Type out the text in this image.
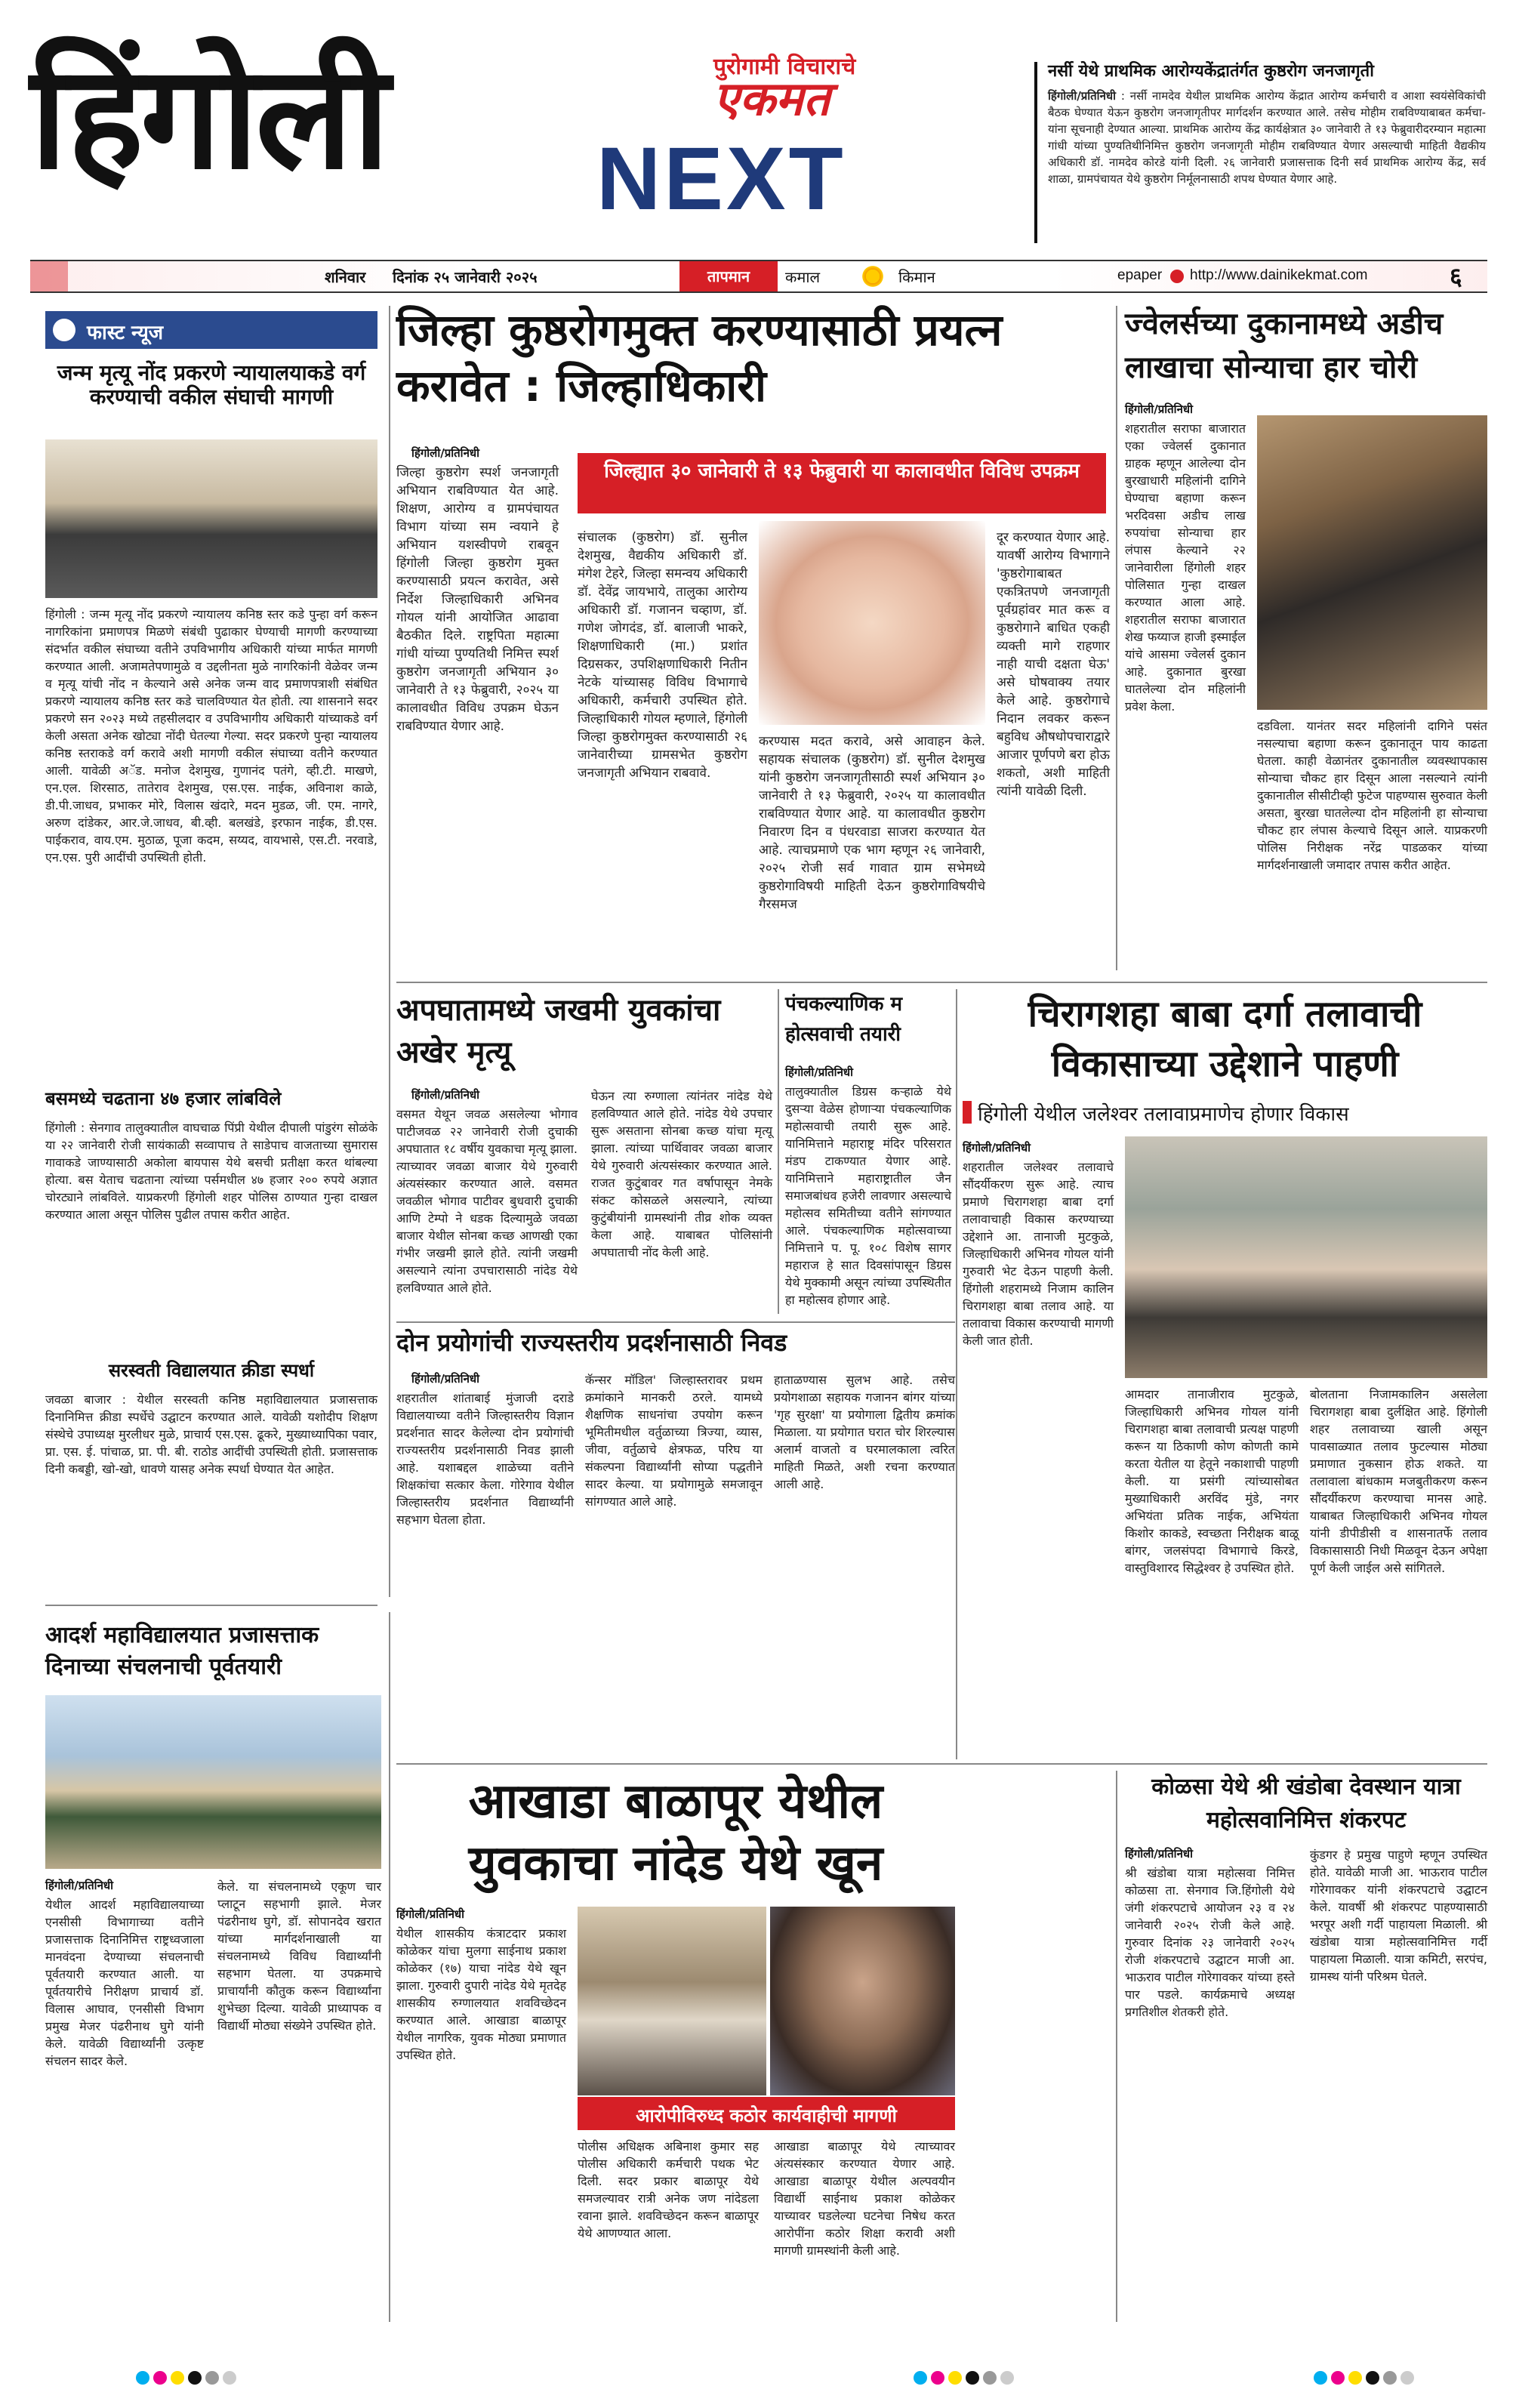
हिंगोली	पुरोगामी विचाराचे
एकमत
NEXT
नर्सी येथे प्राथमिक आरोग्यकेंद्रातंर्गत कुष्ठरोग जनजागृती
हिंगोली/प्रतिनिधी : नर्सी नामदेव येथील प्राथमिक आरोग्य केंद्रात आरोग्य कर्मचारी व आशा स्वयंसेविकांची बैठक घेण्यात येऊन कुष्ठरोग जनजागृतीपर मार्गदर्शन करण्यात आले. तसेच मोहीम राबविण्याबाबत कर्मचा-यांना सूचनाही देण्यात आल्या. प्राथमिक आरोग्य केंद्र कार्यक्षेत्रात ३० जानेवारी ते १३ फेब्रुवारीदरम्यान महात्मा गांधी यांच्या पुण्यतिथीनिमित्त कुष्ठरोग जनजागृती मोहीम राबविण्यात येणार असल्याची माहिती वैद्यकीय अधिकारी डॉ. नामदेव कोरडे यांनी दिली. २६ जानेवारी प्रजासत्ताक दिनी सर्व प्राथमिक आरोग्य केंद्र, सर्व शाळा, ग्रामपंचायत येथे कुष्ठरोग निर्मूलनासाठी शपथ घेण्यात येणार आहे.
शनिवार दिनांक २५ जानेवारी २०२५	तापमान	कमाल	किमान	epaper http://www.dainikekmat.com	६
फास्ट न्यूज
जन्म मृत्यू नोंद प्रकरणे न्यायालयाकडे वर्ग करण्याची वकील संघाची मागणी
हिंगोली : जन्म मृत्यू नोंद प्रकरणे न्यायालय कनिष्ठ स्तर कडे पुन्हा वर्ग करून नागरिकांना प्रमाणपत्र मिळणे संबंधी पुढाकार घेण्याची मागणी करण्याच्या संदर्भात वकील संघाच्या वतीने उपविभागीय अधिकारी यांच्या मार्फत मागणी करण्यात आली. अजामतेपणामुळे व उद्दलीनता मुळे नागरिकांनी वेळेवर जन्म व मृत्यू यांची नोंद न केल्याने असे अनेक जन्म वाद प्रमाणपत्राशी संबंधित प्रकरणे न्यायालय कनिष्ठ स्तर कडे चालविण्यात येत होती. त्या शासनाने सदर प्रकरणे सन २०२३ मध्ये तहसीलदार व उपविभागीय अधिकारी यांच्याकडे वर्ग केली असता अनेक खोट्या नोंदी घेतल्या गेल्या. सदर प्रकरणे पुन्हा न्यायालय कनिष्ठ स्तराकडे वर्ग करावे अशी मागणी वकील संघाच्या वतीने करण्यात आली. यावेळी अॅड. मनोज देशमुख, गुणानंद पतंगे, व्ही.टी. माखणे, एन.एल. शिरसाठ, तातेराव देशमुख, एस.एस. नाईक, अविनाश काळे, डी.पी.जाधव, प्रभाकर मोरे, विलास खंदारे, मदन मुडळ, जी. एम. नागरे, अरुण दांडेकर, आर.जे.जाधव, बी.व्ही. बलखंडे, इरफान नाईक, डी.एस. पाईकराव, वाय.एम. मुठाळ, पूजा कदम, सय्यद, वायभासे, एस.टी. नरवाडे, एन.एस. पुरी आदींची उपस्थिती होती.
बसमध्ये चढताना ४७ हजार लांबविले
हिंगोली : सेनगाव तालुक्यातील वाघचाळ पिंप्री येथील दीपाली पांडुरंग सोळंके या २२ जानेवारी रोजी सायंकाळी सव्वापाच ते साडेपाच वाजताच्या सुमारास गावाकडे जाण्यासाठी अकोला बायपास येथे बसची प्रतीक्षा करत थांबल्या होत्या. बस येताच चढताना त्यांच्या पर्समधील ४७ हजार २०० रुपये अज्ञात चोरट्याने लांबविले. याप्रकरणी हिंगोली शहर पोलिस ठाण्यात गुन्हा दाखल करण्यात आला असून पोलिस पुढील तपास करीत आहेत.
सरस्वती विद्यालयात क्रीडा स्पर्धा
जवळा बाजार : येथील सरस्वती कनिष्ठ महाविद्यालयात प्रजासत्ताक दिनानिमित्त क्रीडा स्पर्धेचे उद्घाटन करण्यात आले. यावेळी यशोदीप शिक्षण संस्थेचे उपाध्यक्ष मुरलीधर मुळे, प्राचार्य एस.एस. ढूकरे, मुख्याध्यापिका पवार, प्रा. एस. ई. पांचाळ, प्रा. पी. बी. राठोड आदींची उपस्थिती होती. प्रजासत्ताक दिनी कबड्डी, खो-खो, धावणे यासह अनेक स्पर्धा घेण्यात येत आहेत.
जिल्हा कुष्ठरोगमुक्त करण्यासाठी प्रयत्न करावेत : जिल्हाधिकारी
हिंगोली/प्रतिनिधी
जिल्हा कुष्ठरोग स्पर्श जनजागृती अभियान राबविण्यात येत आहे. शिक्षण, आरोग्य व ग्रामपंचायत विभाग यांच्या सम न्वयाने हे अभियान यशस्वीपणे राबवून हिंगोली जिल्हा कुष्ठरोग मुक्त करण्यासाठी प्रयत्न करावेत, असे निर्देश जिल्हाधिकारी अभिनव गोयल यांनी आयोजित आढावा बैठकीत दिले. राष्ट्रपिता महात्मा गांधी यांच्या पुण्यतिथी निमित्त स्पर्श कुष्ठरोग जनजागृती अभियान ३० जानेवारी ते १३ फेब्रुवारी, २०२५ या कालावधीत विविध उपक्रम घेऊन राबविण्यात येणार आहे.
जिल्ह्यात ३० जानेवारी ते १३ फेब्रुवारी या कालावधीत विविध उपक्रम
संचालक (कुष्ठरोग) डॉ. सुनील देशमुख, वैद्यकीय अधिकारी डॉ. मंगेश टेहरे, जिल्हा समन्वय अधिकारी डॉ. देवेंद्र जायभाये, तालुका आरोग्य अधिकारी डॉ. गजानन चव्हाण, डॉ. गणेश जोगदंड, डॉ. बालाजी भाकरे, शिक्षणाधिकारी (मा.) प्रशांत दिग्रसकर, उपशिक्षणाधिकारी नितीन नेटके यांच्यासह विविध विभागाचे अधिकारी, कर्मचारी उपस्थित होते. जिल्हाधिकारी गोयल म्हणाले, हिंगोली जिल्हा कुष्ठरोगमुक्त करण्यासाठी २६ जानेवारीच्या ग्रामसभेत कुष्ठरोग जनजागृती अभियान राबवावे.
करण्यास मदत करावे, असे आवाहन केले. सहायक संचालक (कुष्ठरोग) डॉ. सुनील देशमुख यांनी कुष्ठरोग जनजागृतीसाठी स्पर्श अभियान ३० जानेवारी ते १३ फेब्रुवारी, २०२५ या कालावधीत राबविण्यात येणार आहे. या कालावधीत कुष्ठरोग निवारण दिन व पंधरवाडा साजरा करण्यात येत आहे. त्याचप्रमाणे एक भाग म्हणून २६ जानेवारी, २०२५ रोजी सर्व गावात ग्राम सभेमध्ये कुष्ठरोगाविषयी माहिती देऊन कुष्ठरोगाविषयीचे गैरसमज
दूर करण्यात येणार आहे. यावर्षी आरोग्य विभागाने 'कुष्ठरोगाबाबत एकत्रितपणे जनजागृती पूर्वग्रहांवर मात करू व कुष्ठरोगाने बाधित एकही व्यक्ती मागे राहणार नाही याची दक्षता घेऊ' असे घोषवाक्य तयार केले आहे. कुष्ठरोगाचे निदान लवकर करून बहुविध औषधोपचाराद्वारे आजार पूर्णपणे बरा होऊ शकतो, अशी माहिती त्यांनी यावेळी दिली.
ज्वेलर्सच्या दुकानामध्ये अडीच लाखाचा सोन्याचा हार चोरी
हिंगोली/प्रतिनिधी
शहरातील सराफा बाजारात एका ज्वेलर्स दुकानात ग्राहक म्हणून आलेल्या दोन बुरखाधारी महिलांनी दागिने घेण्याचा बहाणा करून भरदिवसा अडीच लाख रुपयांचा सोन्याचा हार लंपास केल्याने २२ जानेवारीला हिंगोली शहर पोलिसात गुन्हा दाखल करण्यात आला आहे. शहरातील सराफा बाजारात शेख फय्याज हाजी इस्माईल यांचे आसमा ज्वेलर्स दुकान आहे. दुकानात बुरखा घातलेल्या दोन महिलांनी प्रवेश केला.
दडविला. यानंतर सदर महिलांनी दागिने पसंत नसल्याचा बहाणा करून दुकानातून पाय काढता घेतला. काही वेळानंतर दुकानातील व्यवस्थापकास सोन्याचा चौकट हार दिसून आला नसल्याने त्यांनी दुकानातील सीसीटीव्ही फुटेज पाहण्यास सुरुवात केली असता, बुरखा घातलेल्या दोन महिलांनी हा सोन्याचा चौकट हार लंपास केल्याचे दिसून आले. याप्रकरणी पोलिस निरीक्षक नरेंद्र पाडळकर यांच्या मार्गदर्शनाखाली जमादार तपास करीत आहेत.
अपघातामध्ये जखमी युवकांचा अखेर मृत्यू
हिंगोली/प्रतिनिधी
वसमत येथून जवळ असलेल्या भोगाव पाटीजवळ २२ जानेवारी रोजी दुचाकी अपघातात १८ वर्षीय युवकाचा मृत्यू झाला. त्याच्यावर जवळा बाजार येथे गुरुवारी अंत्यसंस्कार करण्यात आले. वसमत जवळील भोगाव पाटीवर बुधवारी दुचाकी आणि टेम्पो ने धडक दिल्यामुळे जवळा बाजार येथील सोनबा कच्छ आणखी एका गंभीर जखमी झाले होते. त्यांनी जखमी असल्याने त्यांना उपचारासाठी नांदेड येथे हलविण्यात आले होते.
घेऊन त्या रुग्णाला त्यांनंतर नांदेड येथे हलविण्यात आले होते. नांदेड येथे उपचार सुरू असताना सोनबा कच्छ यांचा मृत्यू झाला. त्यांच्या पार्थिवावर जवळा बाजार येथे गुरुवारी अंत्यसंस्कार करण्यात आले. राजत कुटुंबावर गत वर्षापासून नेमके संकट कोसळले असल्याने, त्यांच्या कुटुंबीयांनी ग्रामस्थांनी तीव्र शोक व्यक्त केला आहे. याबाबत पोलिसांनी अपघाताची नोंद केली आहे.
पंचकल्याणिक म होत्सवाची तयारी
हिंगोली/प्रतिनिधी
तालुक्यातील डिग्रस कऱ्हाळे येथे दुसऱ्या वेळेस होणाऱ्या पंचकल्याणिक महोत्सवाची तयारी सुरू आहे. यानिमित्ताने महाराष्ट्र मंदिर परिसरात मंडप टाकण्यात येणार आहे. यानिमित्ताने महाराष्ट्रातील जैन समाजबांधव हजेरी लावणार असल्याचे महोत्सव समितीच्या वतीने सांगण्यात आले. पंचकल्याणिक महोत्सवाच्या निमित्ताने प. पू. १०८ विशेष सागर महाराज हे सात दिवसांपासून डिग्रस येथे मुक्कामी असून त्यांच्या उपस्थितीत हा महोत्सव होणार आहे.
चिरागशहा बाबा दर्गा तलावाची विकासाच्या उद्देशाने पाहणी
हिंगोली येथील जलेश्वर तलावाप्रमाणेच होणार विकास
हिंगोली/प्रतिनिधी
शहरातील जलेश्वर तलावाचे सौंदर्यीकरण सुरू आहे. त्याच प्रमाणे चिरागशहा बाबा दर्गा तलावाचाही विकास करण्याच्या उद्देशाने आ. तानाजी मुटकुळे, जिल्हाधिकारी अभिनव गोयल यांनी गुरुवारी भेट देऊन पाहणी केली. हिंगोली शहरामध्ये निजाम कालिन चिरागशहा बाबा तलाव आहे. या तलावाचा विकास करण्याची मागणी केली जात होती.
आमदार तानाजीराव मुटकुळे, जिल्हाधिकारी अभिनव गोयल यांनी चिरागशहा बाबा तलावाची प्रत्यक्ष पाहणी करून या ठिकाणी कोण कोणती कामे करता येतील या हेतूने नकाशाची पाहणी केली. या प्रसंगी त्यांच्यासोबत मुख्याधिकारी अरविंद मुंडे, नगर अभियंता प्रतिक नाईक, अभियंता किशोर काकडे, स्वच्छता निरीक्षक बाळू बांगर, जलसंपदा विभागाचे किरडे, वास्तुविशारद सिद्धेश्वर हे उपस्थित होते.
बोलताना निजामकालिन असलेला चिरागशहा बाबा दुर्लक्षित आहे. हिंगोली शहर तलावाच्या खाली असून पावसाळ्यात तलाव फुटल्यास मोठ्या प्रमाणात नुकसान होऊ शकते. या तलावाला बांधकाम मजबुतीकरण करून सौंदर्यीकरण करण्याचा मानस आहे. याबाबत जिल्हाधिकारी अभिनव गोयल यांनी डीपीडीसी व शासनातर्फे तलाव विकासासाठी निधी मिळवून देऊन अपेक्षा पूर्ण केली जाईल असे सांगितले.
दोन प्रयोगांची राज्यस्तरीय प्रदर्शनासाठी निवड
हिंगोली/प्रतिनिधी
शहरातील शांताबाई मुंजाजी दराडे विद्यालयाच्या वतीने जिल्हास्तरीय विज्ञान प्रदर्शनात सादर केलेल्या दोन प्रयोगांची राज्यस्तरीय प्रदर्शनासाठी निवड झाली आहे. यशाबद्दल शाळेच्या वतीने शिक्षकांचा सत्कार केला. गोरेगाव येथील जिल्हास्तरीय प्रदर्शनात विद्यार्थ्यांनी सहभाग घेतला होता.
कॅन्सर मॉडिल' जिल्हास्तरावर प्रथम क्रमांकाने मानकरी ठरले. यामध्ये शैक्षणिक साधनांचा उपयोग करून भूमितीमधील वर्तुळाच्या त्रिज्या, व्यास, जीवा, वर्तुळाचे क्षेत्रफळ, परिघ या संकल्पना विद्यार्थ्यांनी सोप्या पद्धतीने सादर केल्या. या प्रयोगामुळे समजावून सांगण्यात आले आहे.
हाताळण्यास सुलभ आहे. तसेच प्रयोगशाळा सहायक गजानन बांगर यांच्या 'गृह सुरक्षा' या प्रयोगाला द्वितीय क्रमांक मिळाला. या प्रयोगात घरात चोर शिरल्यास अलार्म वाजतो व घरमालकाला त्वरित माहिती मिळते, अशी रचना करण्यात आली आहे.
आदर्श महाविद्यालयात प्रजासत्ताक दिनाच्या संचलनाची पूर्वतयारी
हिंगोली/प्रतिनिधी
येथील आदर्श महाविद्यालयाच्या एनसीसी विभागाच्या वतीने प्रजासत्ताक दिनानिमित्त राष्ट्रध्वजाला मानवंदना देण्याच्या संचलनाची पूर्वतयारी करण्यात आली. या पूर्वतयारीचे निरीक्षण प्राचार्य डॉ. विलास आघाव, एनसीसी विभाग प्रमुख मेजर पंढरीनाथ घुगे यांनी केले. यावेळी विद्यार्थ्यांनी उत्कृष्ट संचलन सादर केले.
केले. या संचलनामध्ये एकूण चार प्लाटून सहभागी झाले. मेजर पंढरीनाथ घुगे, डॉ. सोपानदेव खरात यांच्या मार्गदर्शनाखाली या संचलनामध्ये विविध विद्यार्थ्यांनी सहभाग घेतला. या उपक्रमाचे प्राचार्यांनी कौतुक करून विद्यार्थ्यांना शुभेच्छा दिल्या. यावेळी प्राध्यापक व विद्यार्थी मोठ्या संख्येने उपस्थित होते.
आखाडा बाळापूर येथील युवकाचा नांदेड येथे खून
हिंगोली/प्रतिनिधी
येथील शासकीय कंत्राटदार प्रकाश कोळेकर यांचा मुलगा साईनाथ प्रकाश कोळेकर (१७) याचा नांदेड येथे खून झाला. गुरुवारी दुपारी नांदेड येथे मृतदेह शासकीय रुग्णालयात शवविच्छेदन करण्यात आले. आखाडा बाळापूर येथील नागरिक, युवक मोठ्या प्रमाणात उपस्थित होते.
आरोपीविरुध्द कठोर कार्यवाहीची मागणी
पोलीस अधिक्षक अबिनाश कुमार सह पोलीस अधिकारी कर्मचारी पथक भेट दिली. सदर प्रकार बाळापूर येथे समजल्यावर रात्री अनेक जण नांदेडला रवाना झाले. शवविच्छेदन करून बाळापूर येथे आणण्यात आला.
आखाडा बाळापूर येथे त्याच्यावर अंत्यसंस्कार करण्यात येणार आहे. आखाडा बाळापूर येथील अल्पवयीन विद्यार्थी साईनाथ प्रकाश कोळेकर याच्यावर घडलेल्या घटनेचा निषेध करत आरोपींना कठोर शिक्षा करावी अशी मागणी ग्रामस्थांनी केली आहे.
कोळसा येथे श्री खंडोबा देवस्थान यात्रा महोत्सवानिमित्त शंकरपट
हिंगोली/प्रतिनिधी
श्री खंडोबा यात्रा महोत्सवा निमित्त कोळसा ता. सेनगाव जि.हिंगोली येथे जंगी शंकरपटाचे आयोजन २३ व २४ जानेवारी २०२५ रोजी केले आहे. गुरुवार दिनांक २३ जानेवारी २०२५ रोजी शंकरपटाचे उद्घाटन माजी आ. भाऊराव पाटील गोरेगावकर यांच्या हस्ते पार पडले. कार्यक्रमाचे अध्यक्ष प्रगतिशील शेतकरी होते.
कुंडगर हे प्रमुख पाहुणे म्हणून उपस्थित होते. यावेळी माजी आ. भाऊराव पाटील गोरेगावकर यांनी शंकरपटाचे उद्घाटन केले. यावर्षी श्री शंकरपट पाहण्यासाठी भरपूर अशी गर्दी पाहायला मिळाली. श्री खंडोबा यात्रा महोत्सवानिमित्त गर्दी पाहायला मिळाली. यात्रा कमिटी, सरपंच, ग्रामस्थ यांनी परिश्रम घेतले.
